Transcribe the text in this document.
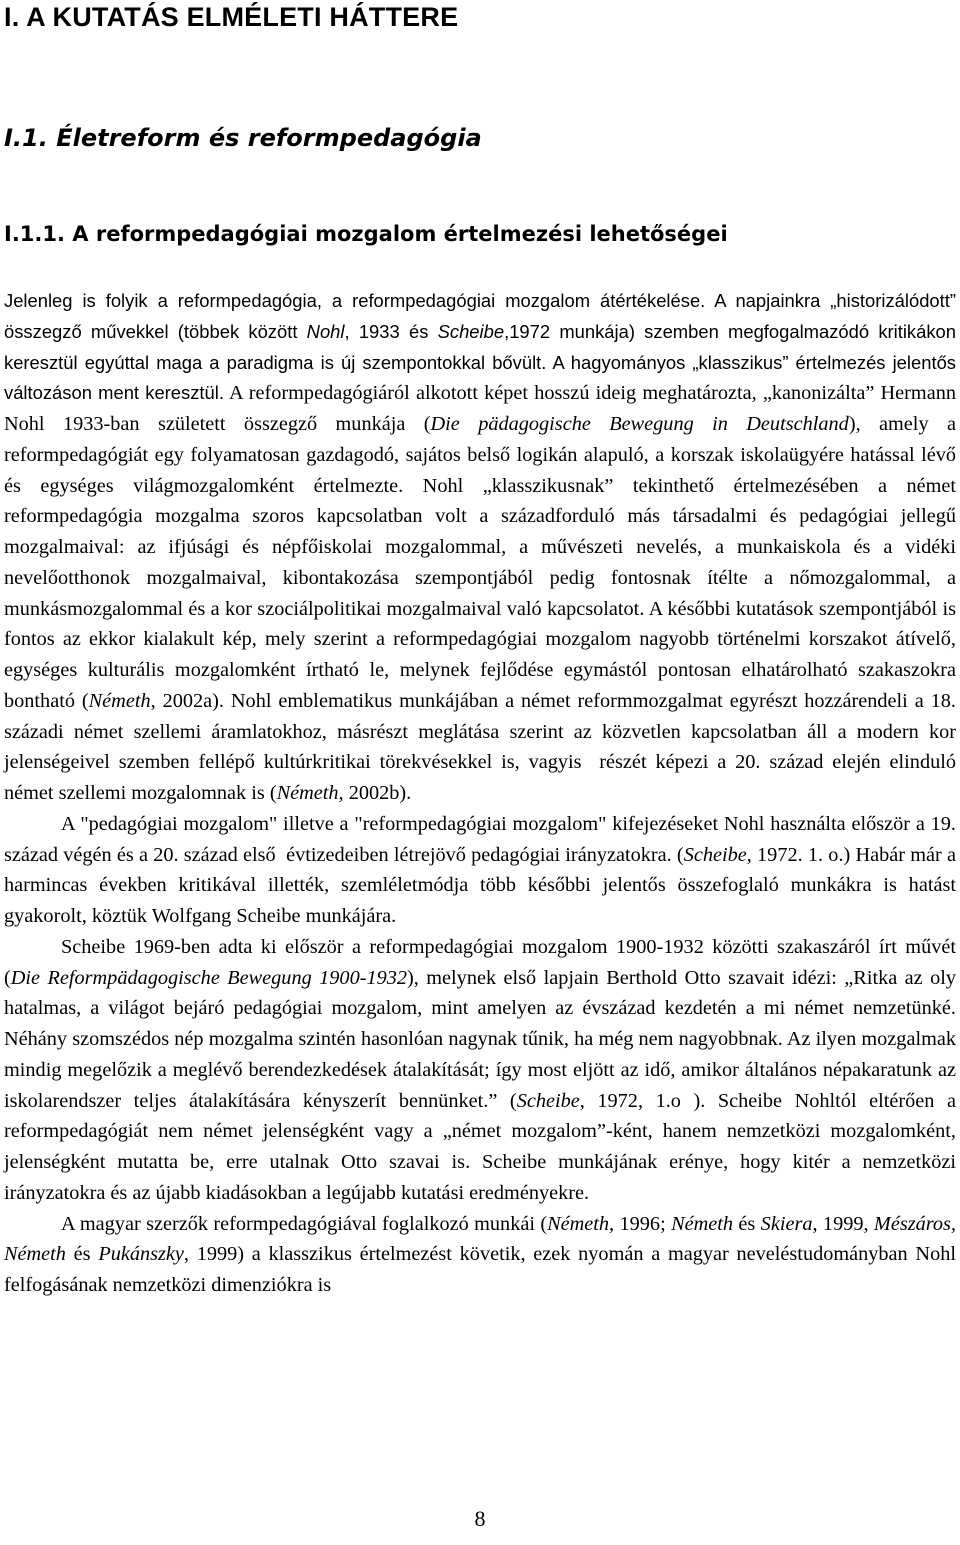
I. A KUTATÁS ELMÉLETI HÁTTERE
I.1. Életreform és reformpedagógia
I.1.1. A reformpedagógiai mozgalom értelmezési lehetőségei

Jelenleg is folyik a reformpedagógia, a reformpedagógiai mozgalom átértékelése. A napjainkra „historizálódott” összegző művekkel (többek között Nohl, 1933 és Scheibe,1972 munkája) szemben megfogalmazódó kritikákon keresztül egyúttal maga a paradigma is új szempontokkal bővült. A hagyományos „klasszikus” értelmezés jelentős változáson ment keresztül. A reformpedagógiáról alkotott képet hosszú ideig meghatározta, „kanonizálta” Hermann Nohl 1933-ban született összegző munkája (Die pädagogische Bewegung in Deutschland), amely a reformpedagógiát egy folyamatosan gazdagodó, sajátos belső logikán alapuló, a korszak iskolaügyére hatással lévő és egységes világmozgalomként értelmezte. Nohl „klasszikusnak” tekinthető értelmezésében a német reformpedagógia mozgalma szoros kapcsolatban volt a századforduló más társadalmi és pedagógiai jellegű mozgalmaival: az ifjúsági és népfőiskolai mozgalommal, a művészeti nevelés, a munkaiskola és a vidéki nevelőotthonok mozgalmaival, kibontakozása szempontjából pedig fontosnak ítélte a nőmozgalommal, a munkásmozgalommal és a kor szociálpolitikai mozgalmaival való kapcsolatot. A későbbi kutatások szempontjából is fontos az ekkor kialakult kép, mely szerint a reformpedagógiai mozgalom nagyobb történelmi korszakot átívelő, egységes kulturális mozgalomként írtható le, melynek fejlődése egymástól pontosan elhatárolható szakaszokra bontható (Németh, 2002a). Nohl emblematikus munkájában a német reformmozgalmat egyrészt hozzárendeli a 18. századi német szellemi áramlatokhoz, másrészt meglátása szerint az közvetlen kapcsolatban áll a modern kor jelenségeivel szemben fellépő kultúrkritikai törekvésekkel is, vagyis  részét képezi a 20. század elején elinduló német szellemi mozgalomnak is (Németh, 2002b).

A "pedagógiai mozgalom" illetve a "reformpedagógiai mozgalom" kifejezéseket Nohl használta először a 19. század végén és a 20. század első  évtizedeiben létrejövő pedagógiai irányzatokra. (Scheibe, 1972. 1. o.) Habár már a harmincas években kritikával illették, szemléletmódja több későbbi jelentős összefoglaló munkákra is hatást gyakorolt, köztük Wolfgang Scheibe munkájára.

Scheibe 1969-ben adta ki először a reformpedagógiai mozgalom 1900-1932 közötti szakaszáról írt művét (Die Reformpädagogische Bewegung 1900-1932), melynek első lapjain Berthold Otto szavait idézi: „Ritka az oly hatalmas, a világot bejáró pedagógiai mozgalom, mint amelyen az évszázad kezdetén a mi német nemzetünké. Néhány szomszédos nép mozgalma szintén hasonlóan nagynak tűnik, ha még nem nagyobbnak. Az ilyen mozgalmak mindig megelőzik a meglévő berendezkedések átalakítását; így most eljött az idő, amikor általános népakaratunk az iskolarendszer teljes átalakítására kényszerít bennünket.” (Scheibe, 1972, 1.o ). Scheibe Nohltól eltérően a reformpedagógiát nem német jelenségként vagy a „német mozgalom”-ként, hanem nemzetközi mozgalomként, jelenségként mutatta be, erre utalnak Otto szavai is. Scheibe munkájának erénye, hogy kitér a nemzetközi irányzatokra és az újabb kiadásokban a legújabb kutatási eredményekre.

A magyar szerzők reformpedagógiával foglalkozó munkái (Németh, 1996; Németh és Skiera, 1999, Mészáros, Németh és Pukánszky, 1999) a klasszikus értelmezést követik, ezek nyomán a magyar neveléstudományban Nohl felfogásának nemzetközi dimenziókra is

8
